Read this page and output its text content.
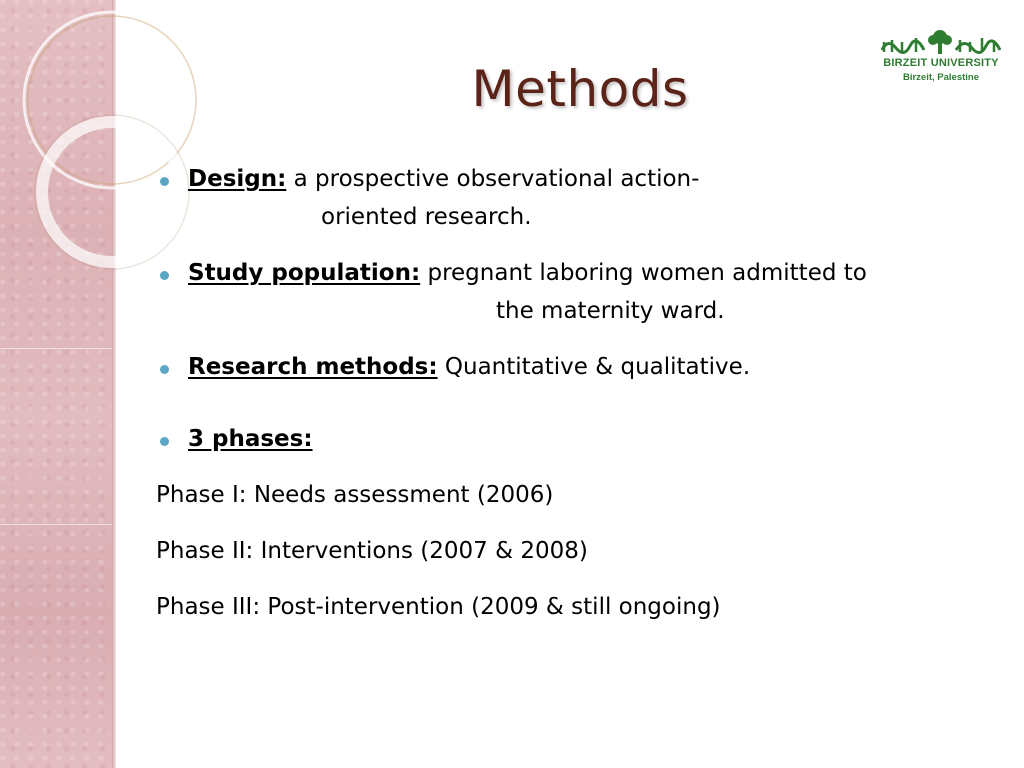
Methods	BIRZEIT UNIVERSITY
Birzeit, Palestine
Design: a prospective observational action-
oriented research.
Study population: pregnant laboring women admitted to
the maternity ward.
Research methods: Quantitative & qualitative.
3 phases:
Phase I: Needs assessment (2006)
Phase II: Interventions (2007 & 2008)
Phase III: Post-intervention (2009 & still ongoing)
